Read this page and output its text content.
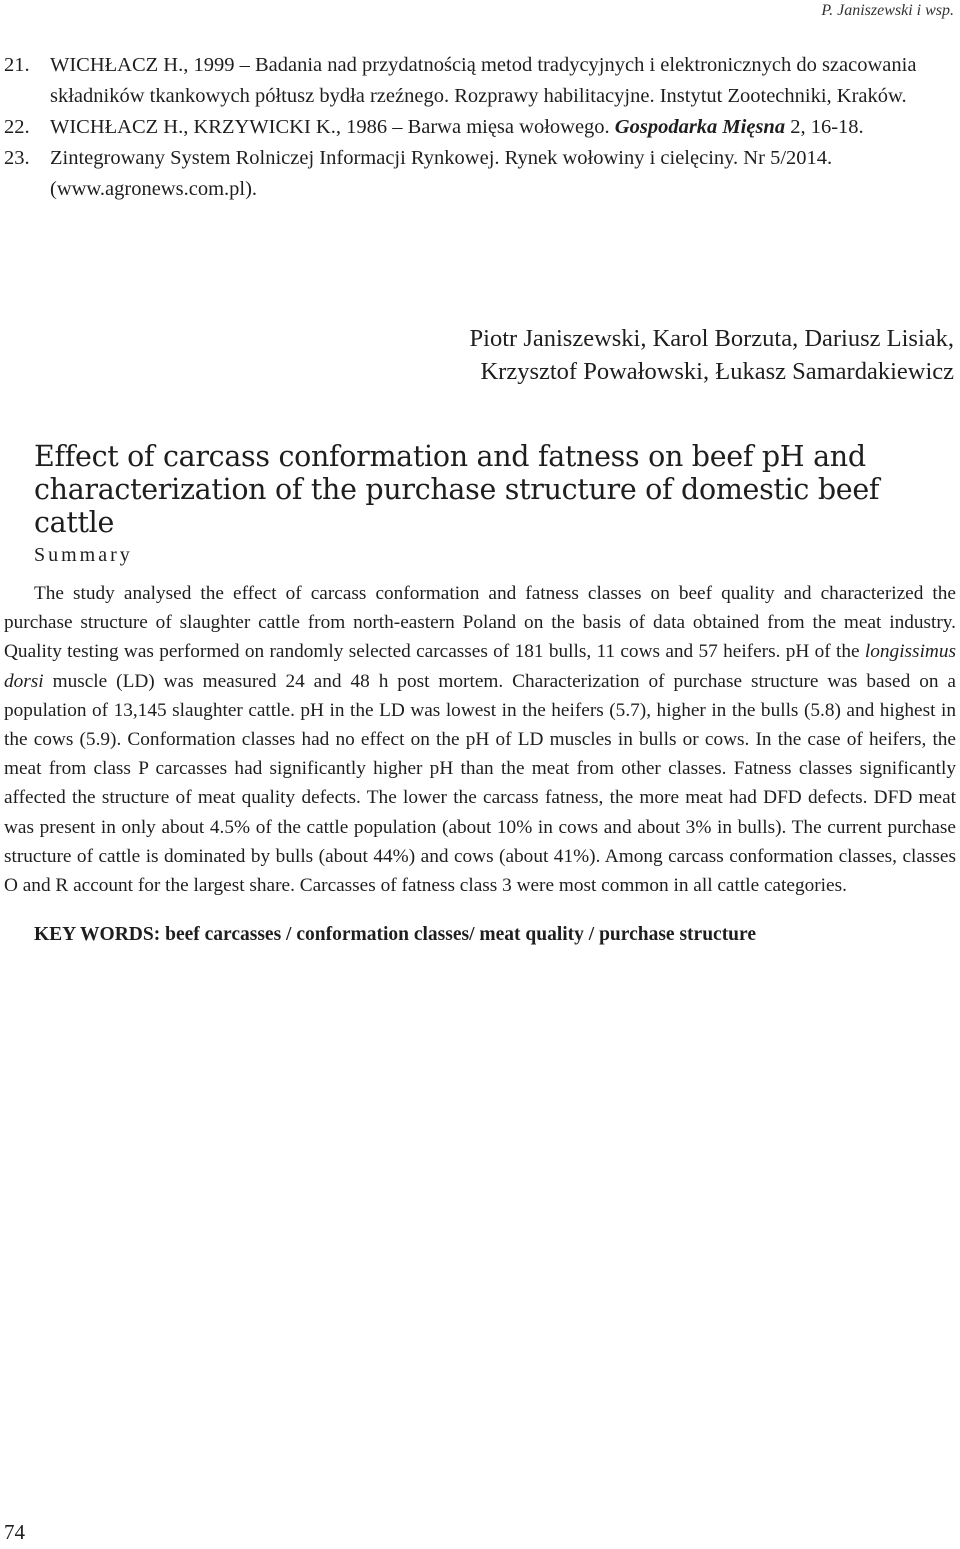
P. Janiszewski i wsp.
21. WICHŁACZ H., 1999 – Badania nad przydatnością metod tradycyjnych i elektronicznych do szacowania składników tkankowych półtusz bydła rzeźnego. Rozprawy habilitacyjne. Instytut Zootechniki, Kraków.
22. WICHŁACZ H., KRZYWICKI K., 1986 – Barwa mięsa wołowego. Gospodarka Mięsna 2, 16-18.
23. Zintegrowany System Rolniczej Informacji Rynkowej. Rynek wołowiny i cielęciny. Nr 5/2014. (www.agronews.com.pl).
Piotr Janiszewski, Karol Borzuta, Dariusz Lisiak,
Krzysztof Powałowski, Łukasz Samardakiewicz
Effect of carcass conformation and fatness on beef pH and characterization of the purchase structure of domestic beef cattle
Summary

The study analysed the effect of carcass conformation and fatness classes on beef quality and characterized the purchase structure of slaughter cattle from north-eastern Poland on the basis of data obtained from the meat industry. Quality testing was performed on randomly selected carcasses of 181 bulls, 11 cows and 57 heifers. pH of the longissimus dorsi muscle (LD) was measured 24 and 48 h post mortem. Characterization of purchase structure was based on a population of 13,145 slaughter cattle. pH in the LD was lowest in the heifers (5.7), higher in the bulls (5.8) and highest in the cows (5.9). Conformation classes had no effect on the pH of LD muscles in bulls or cows. In the case of heifers, the meat from class P carcasses had significantly higher pH than the meat from other classes. Fatness classes significantly affected the structure of meat quality defects. The lower the carcass fatness, the more meat had DFD defects. DFD meat was present in only about 4.5% of the cattle population (about 10% in cows and about 3% in bulls). The current purchase structure of cattle is dominated by bulls (about 44%) and cows (about 41%). Among carcass conformation classes, classes O and R account for the largest share. Carcasses of fatness class 3 were most common in all cattle categories.

KEY WORDS: beef carcasses / conformation classes/ meat quality / purchase structure
74
